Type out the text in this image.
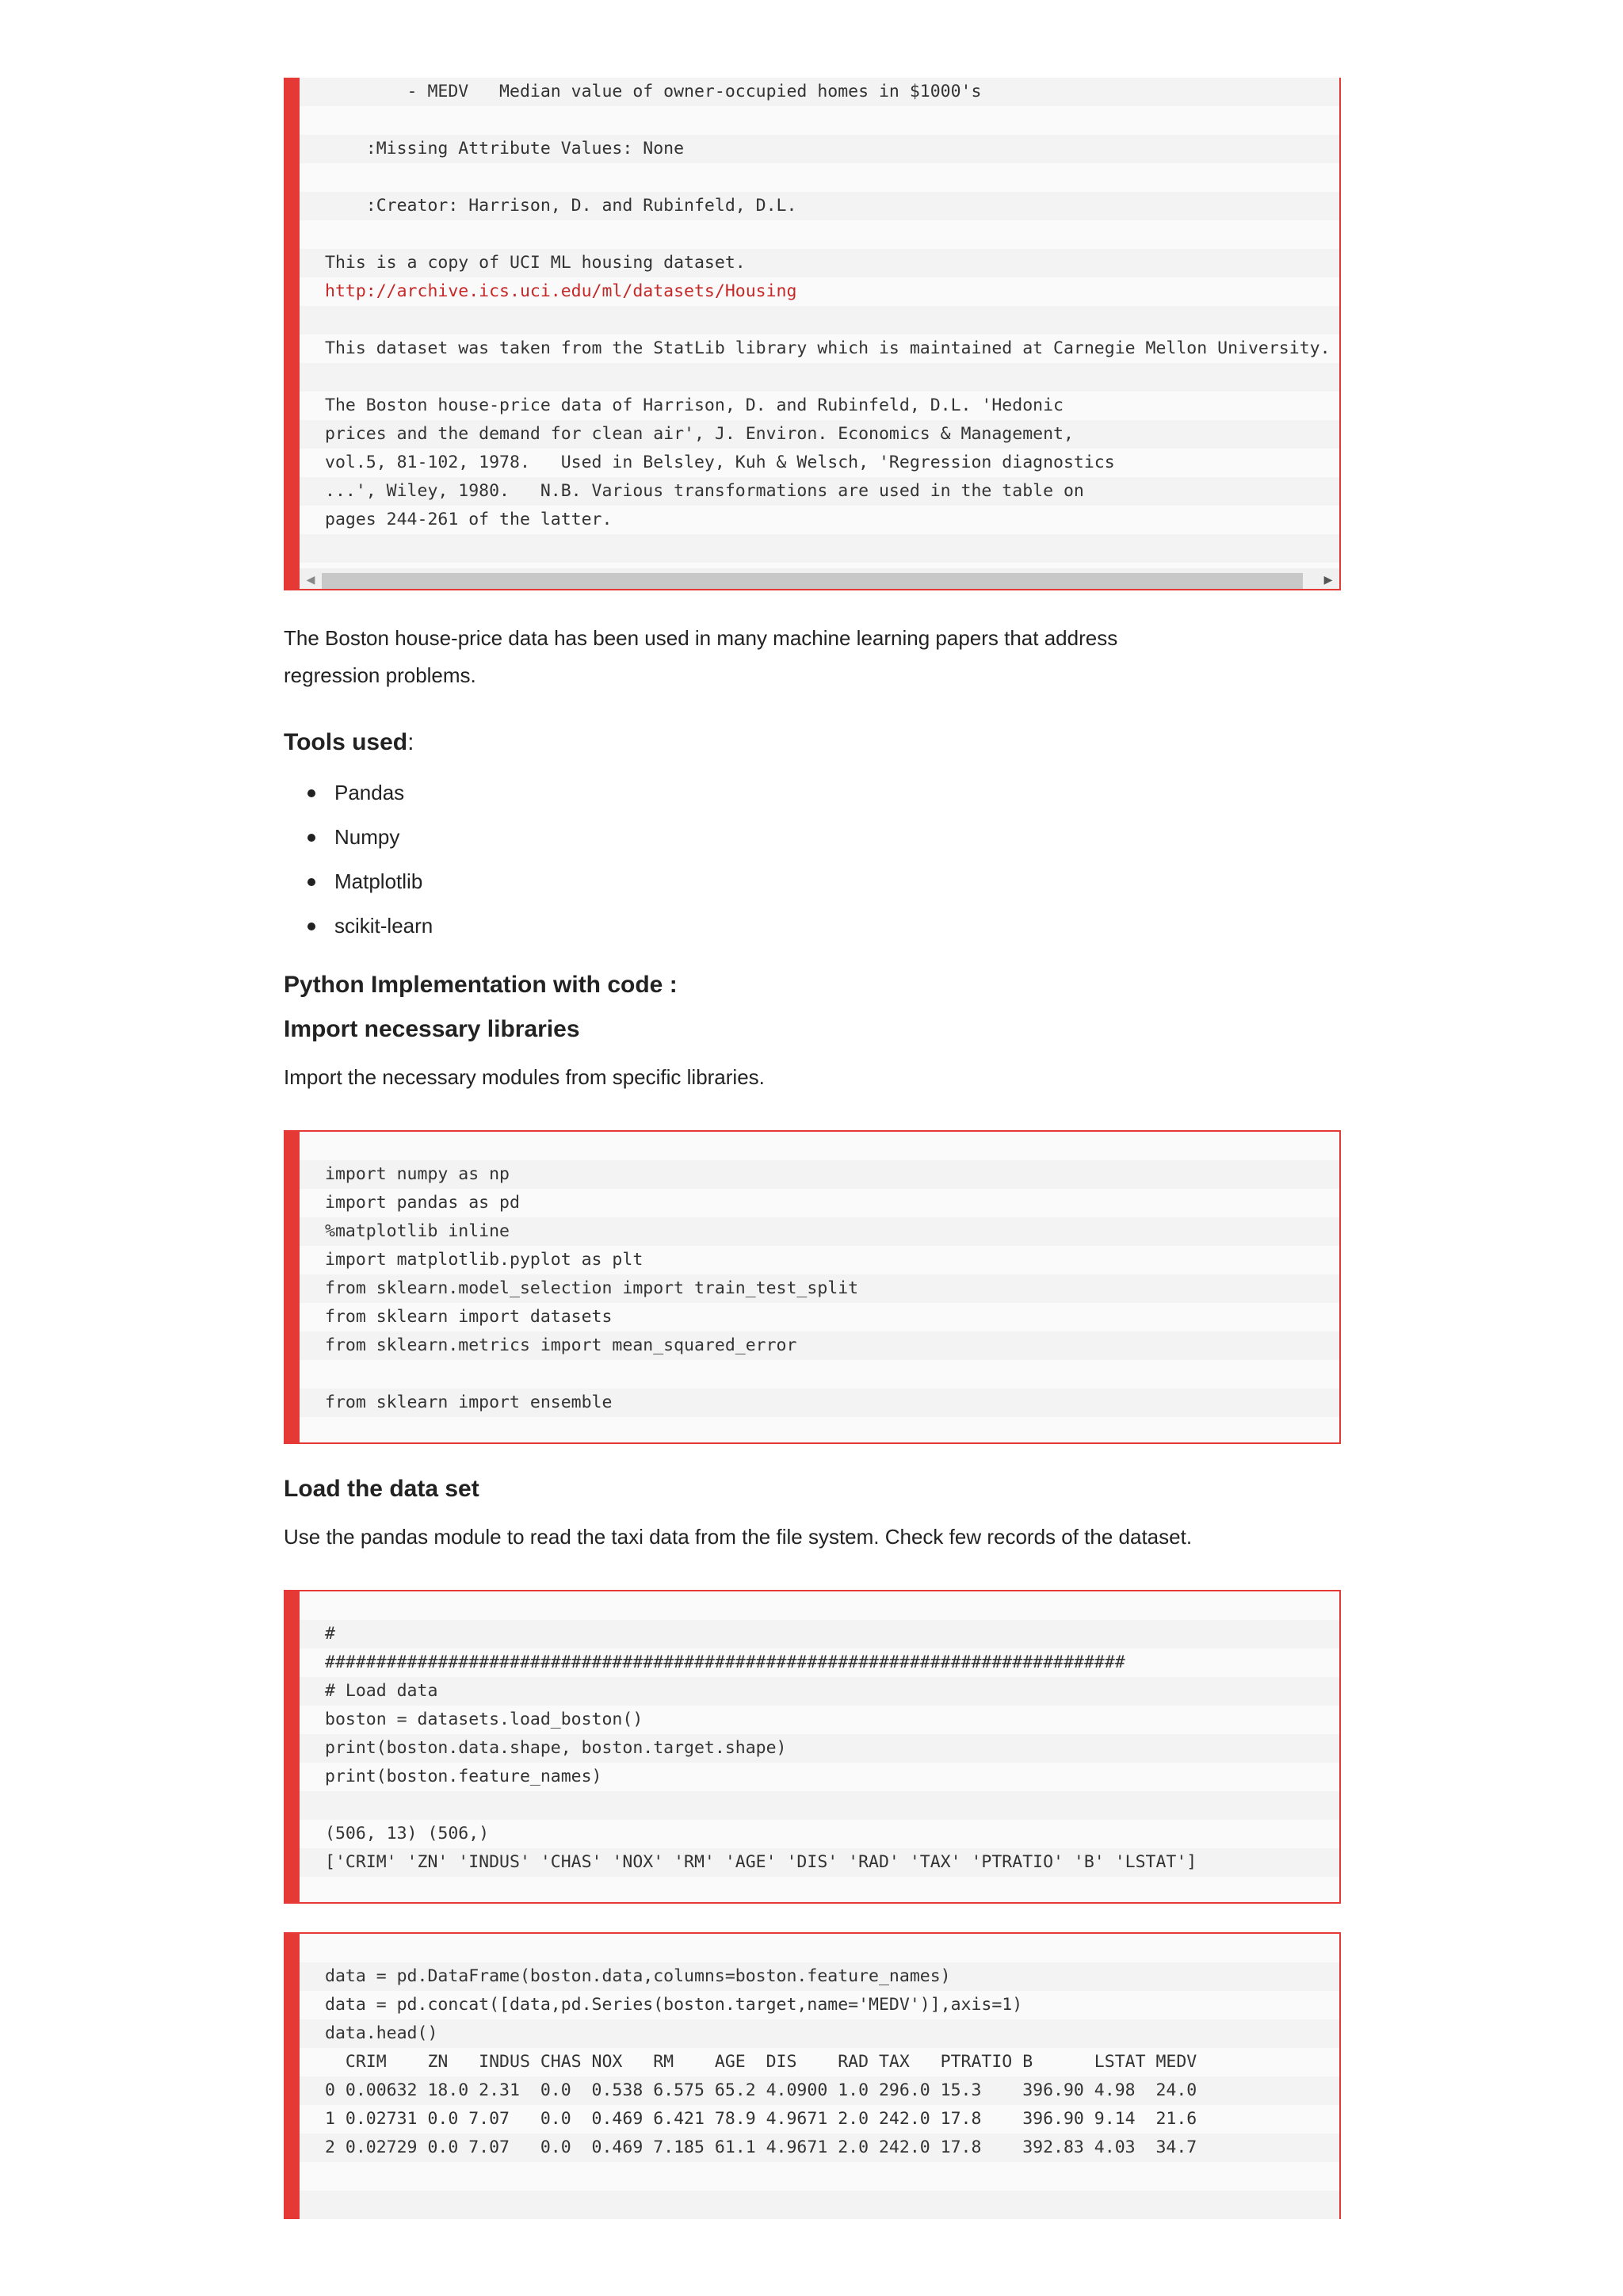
- MEDV   Median value of owner-occupied homes in $1000's
:Missing Attribute Values: None
:Creator: Harrison, D. and Rubinfeld, D.L.
This is a copy of UCI ML housing dataset.
http://archive.ics.uci.edu/ml/datasets/Housing
This dataset was taken from the StatLib library which is maintained at Carnegie Mellon University.
The Boston house-price data of Harrison, D. and Rubinfeld, D.L. 'Hedonic
prices and the demand for clean air', J. Environ. Economics & Management,
vol.5, 81-102, 1978.   Used in Belsley, Kuh & Welsch, 'Regression diagnostics
...', Wiley, 1980.   N.B. Various transformations are used in the table on
pages 244-261 of the latter.
◀	▶
The Boston house-price data has been used in many machine learning papers that address regression problems.
Tools used:
Pandas
Numpy
Matplotlib
scikit-learn
Python Implementation with code :
Import necessary libraries
Import the necessary modules from specific libraries.
import numpy as np
import pandas as pd
%matplotlib inline
import matplotlib.pyplot as plt
from sklearn.model_selection import train_test_split
from sklearn import datasets
from sklearn.metrics import mean_squared_error
from sklearn import ensemble
Load the data set
Use the pandas module to read the taxi data from the file system. Check few records of the dataset.
#
##############################################################################
# Load data
boston = datasets.load_boston()
print(boston.data.shape, boston.target.shape)
print(boston.feature_names)
(506, 13) (506,)
['CRIM' 'ZN' 'INDUS' 'CHAS' 'NOX' 'RM' 'AGE' 'DIS' 'RAD' 'TAX' 'PTRATIO' 'B' 'LSTAT']
data = pd.DataFrame(boston.data,columns=boston.feature_names)
data = pd.concat([data,pd.Series(boston.target,name='MEDV')],axis=1)
data.head()
CRIM    ZN   INDUS CHAS NOX   RM    AGE  DIS    RAD TAX   PTRATIO B      LSTAT MEDV
0 0.00632 18.0 2.31  0.0  0.538 6.575 65.2 4.0900 1.0 296.0 15.3    396.90 4.98  24.0
1 0.02731 0.0 7.07   0.0  0.469 6.421 78.9 4.9671 2.0 242.0 17.8    396.90 9.14  21.6
2 0.02729 0.0 7.07   0.0  0.469 7.185 61.1 4.9671 2.0 242.0 17.8    392.83 4.03  34.7
